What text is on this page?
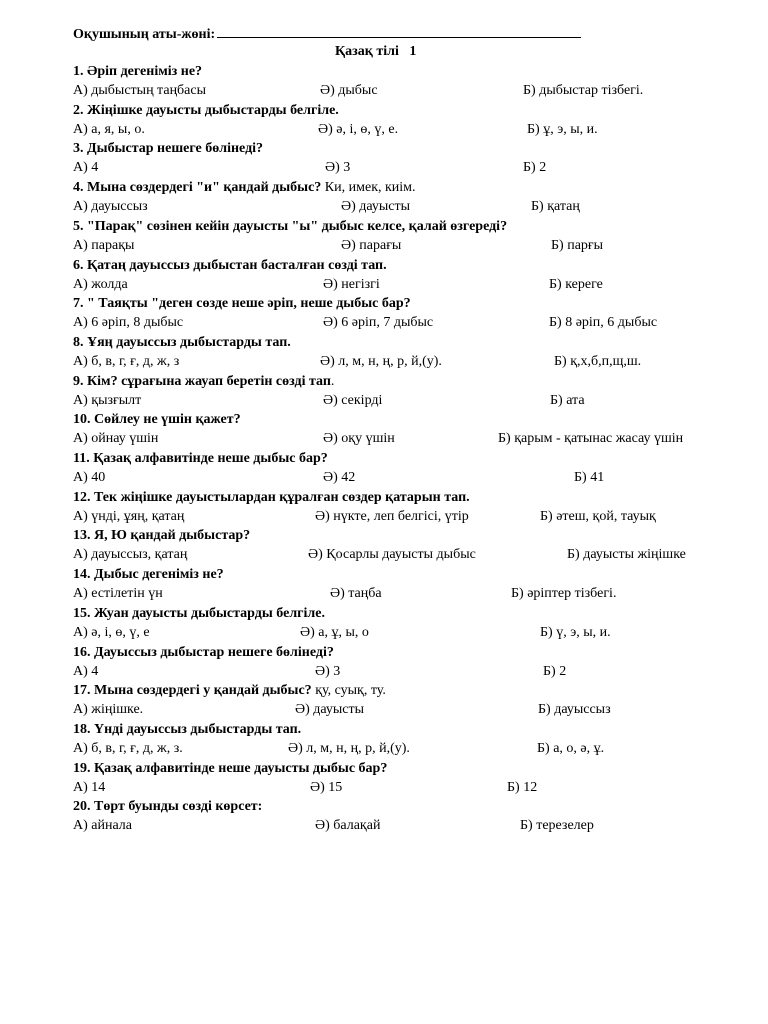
Оқушының аты-жөні:
Қазақ тілі   1
1. Әріп дегеніміз не?
А) дыбыстың таңбасы	Ә) дыбыс	Б) дыбыстар тізбегі.
2. Жіңішке дауысты дыбыстарды белгіле.
А) а, я, ы, о.	Ә) ә, і, ө, ү, е.	Б) ұ, э, ы, и.
3. Дыбыстар нешеге бөлінеді?
А) 4	Ә) 3	Б) 2
4. Мына сөздердегі "и" қандай дыбыс? Ки, имек, киім.
А) дауыссыз	Ә) дауысты	Б) қатаң
5. "Парақ" сөзінен кейін дауысты "ы" дыбыс келсе, қалай өзгереді?
А) парақы	Ә) парағы	Б) парғы
6. Қатаң дауыссыз дыбыстан басталған сөзді тап.
А) жолда	Ә) негізгі	Б) кереге
7. " Таяқты "деген сөзде неше әріп, неше дыбыс бар?
А) 6 әріп, 8 дыбыс	Ә) 6 әріп, 7 дыбыс	Б) 8 әріп, 6 дыбыс
8. Ұяң дауыссыз дыбыстарды тап.
А) б, в, г, ғ, д, ж, з	Ә) л, м, н, ң, р, й,(у).	Б) қ,х,б,п,щ,ш.
9. Кім? сұрағына жауап беретін сөзді тап.
А) қызғылт	Ә) секірді	Б) ата
10. Сөйлеу не үшін қажет?
А) ойнау үшін	Ә) оқу үшін	Б) қарым - қатынас жасау үшін
11. Қазақ алфавитінде неше дыбыс бар?
А) 40	Ә) 42	Б) 41
12. Тек жіңішке дауыстылардан құралған сөздер қатарын тап.
А) үнді, ұяң, қатаң	Ә) нүкте, леп белгісі, үтір	Б) әтеш, қой, тауық
13. Я, Ю қандай дыбыстар?
А) дауыссыз, қатаң	Ә) Қосарлы дауысты дыбыс	Б) дауысты жіңішке
14. Дыбыс дегеніміз не?
А) естілетін үн	Ә) таңба	Б) әріптер тізбегі.
15. Жуан дауысты дыбыстарды белгіле.
А) ә, і, ө, ү, е	Ә) а, ұ, ы, о	Б) ү, э, ы, и.
16. Дауыссыз дыбыстар нешеге бөлінеді?
А) 4	Ә) 3	Б) 2
17. Мына сөздердегі у қандай дыбыс? қу, суық, ту.
А) жіңішке.	Ә) дауысты	Б) дауыссыз
18. Үнді дауыссыз дыбыстарды тап.
А) б, в, г, ғ, д, ж, з.	Ә) л, м, н, ң, р, й,(у).	Б) а, о, ә, ұ.
19. Қазақ алфавитінде неше дауысты дыбыс бар?
А) 14	Ә) 15	Б) 12
20. Төрт буынды сөзді көрсет:
А) айнала	Ә) балақай	Б) терезелер
